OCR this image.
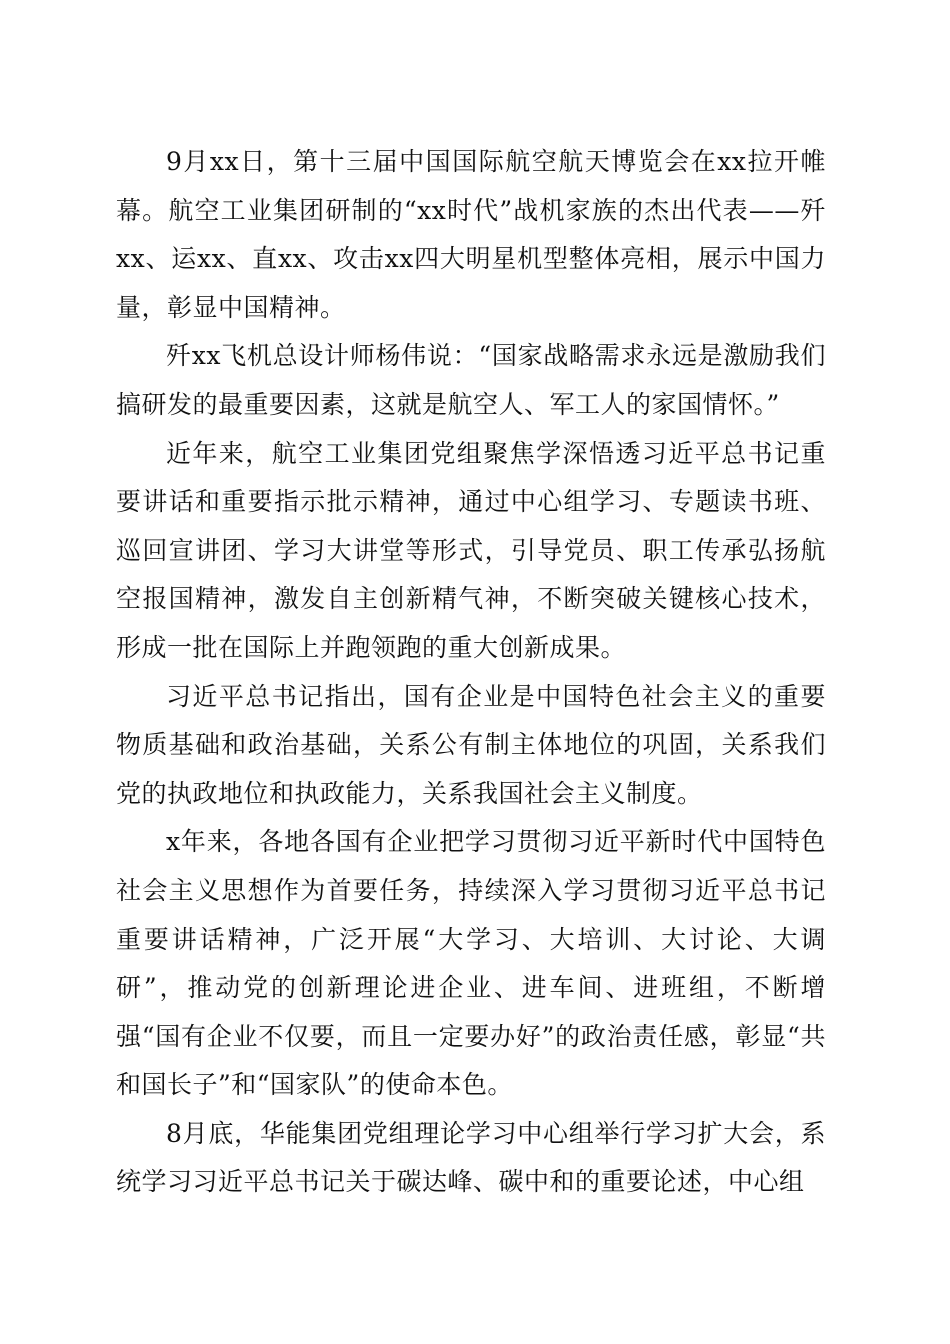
9月xx日，第十三届中国国际航空航天博览会在xx拉开帷幕。航空工业集团研制的“xx时代”战机家族的杰出代表——歼xx、运xx、直xx、攻击xx四大明星机型整体亮相，展示中国力量，彰显中国精神。

歼xx飞机总设计师杨伟说：“国家战略需求永远是激励我们搞研发的最重要因素，这就是航空人、军工人的家国情怀。”

近年来，航空工业集团党组聚焦学深悟透习近平总书记重要讲话和重要指示批示精神，通过中心组学习、专题读书班、巡回宣讲团、学习大讲堂等形式，引导党员、职工传承弘扬航空报国精神，激发自主创新精气神，不断突破关键核心技术，形成一批在国际上并跑领跑的重大创新成果。

习近平总书记指出，国有企业是中国特色社会主义的重要物质基础和政治基础，关系公有制主体地位的巩固，关系我们党的执政地位和执政能力，关系我国社会主义制度。

x年来，各地各国有企业把学习贯彻习近平新时代中国特色社会主义思想作为首要任务，持续深入学习贯彻习近平总书记重要讲话精神，广泛开展“大学习、大培训、大讨论、大调研”，推动党的创新理论进企业、进车间、进班组，不断增强“国有企业不仅要，而且一定要办好”的政治责任感，彰显“共和国长子”和“国家队”的使命本色。

8月底，华能集团党组理论学习中心组举行学习扩大会，系统学习习近平总书记关于碳达峰、碳中和的重要论述，中心组
